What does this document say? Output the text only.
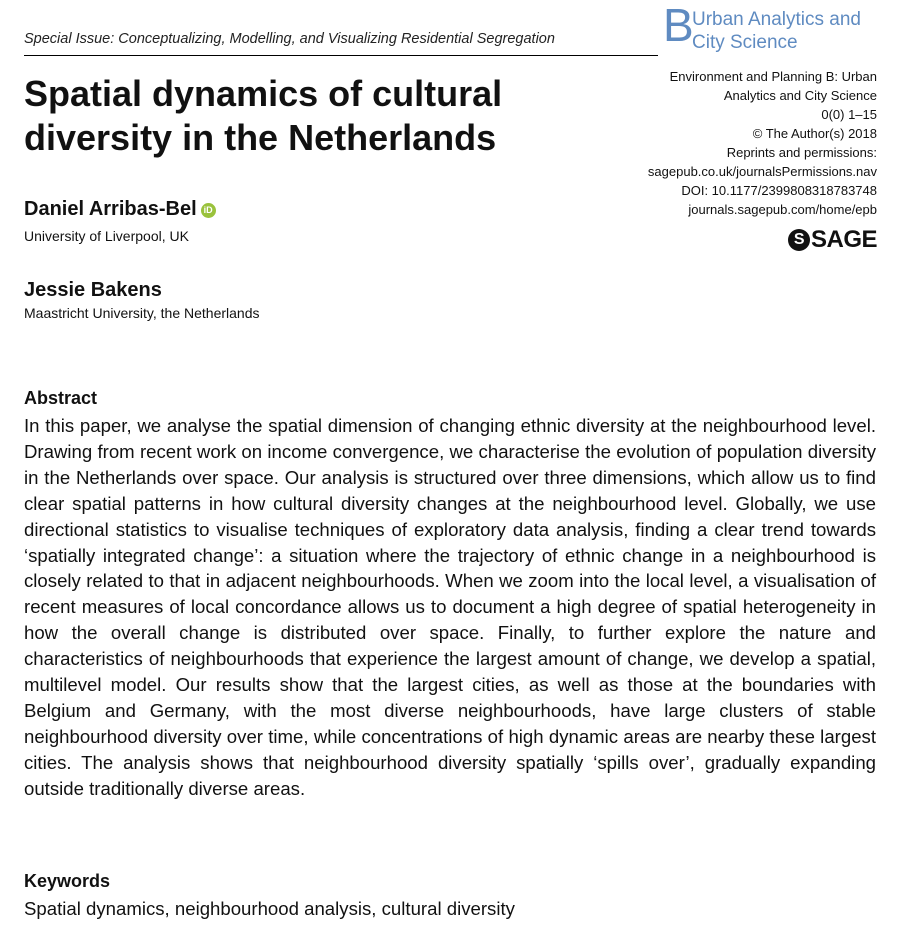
Special Issue: Conceptualizing, Modelling, and Visualizing Residential Segregation B
Urban Analytics and
City Science
Spatial dynamics of cultural diversity in the Netherlands
Environment and Planning B: Urban
Analytics and City Science
0(0) 1–15
© The Author(s) 2018
Reprints and permissions:
sagepub.co.uk/journalsPermissions.nav
DOI: 10.1177/2399808318783748
journals.sagepub.com/home/epb
S SAGE
Daniel Arribas-Bel iD
University of Liverpool, UK
Jessie Bakens
Maastricht University, the Netherlands
Abstract

In this paper, we analyse the spatial dimension of changing ethnic diversity at the neighbourhood level. Drawing from recent work on income convergence, we characterise the evolution of population diversity in the Netherlands over space. Our analysis is structured over three dimensions, which allow us to find clear spatial patterns in how cultural diversity changes at the neighbourhood level. Globally, we use directional statistics to visualise techniques of exploratory data analysis, finding a clear trend towards ‘spatially integrated change’: a situation where the trajectory of ethnic change in a neighbourhood is closely related to that in adjacent neighbourhoods. When we zoom into the local level, a visualisation of recent measures of local concordance allows us to document a high degree of spatial heterogeneity in how the overall change is distributed over space. Finally, to further explore the nature and characteristics of neighbourhoods that experience the largest amount of change, we develop a spatial, multilevel model. Our results show that the largest cities, as well as those at the boundaries with Belgium and Germany, with the most diverse neighbourhoods, have large clusters of stable neighbourhood diversity over time, while concentrations of high dynamic areas are nearby these largest cities. The analysis shows that neighbourhood diversity spatially ‘spills over’, gradually expanding outside traditionally diverse areas.

Keywords
Spatial dynamics, neighbourhood analysis, cultural diversity
